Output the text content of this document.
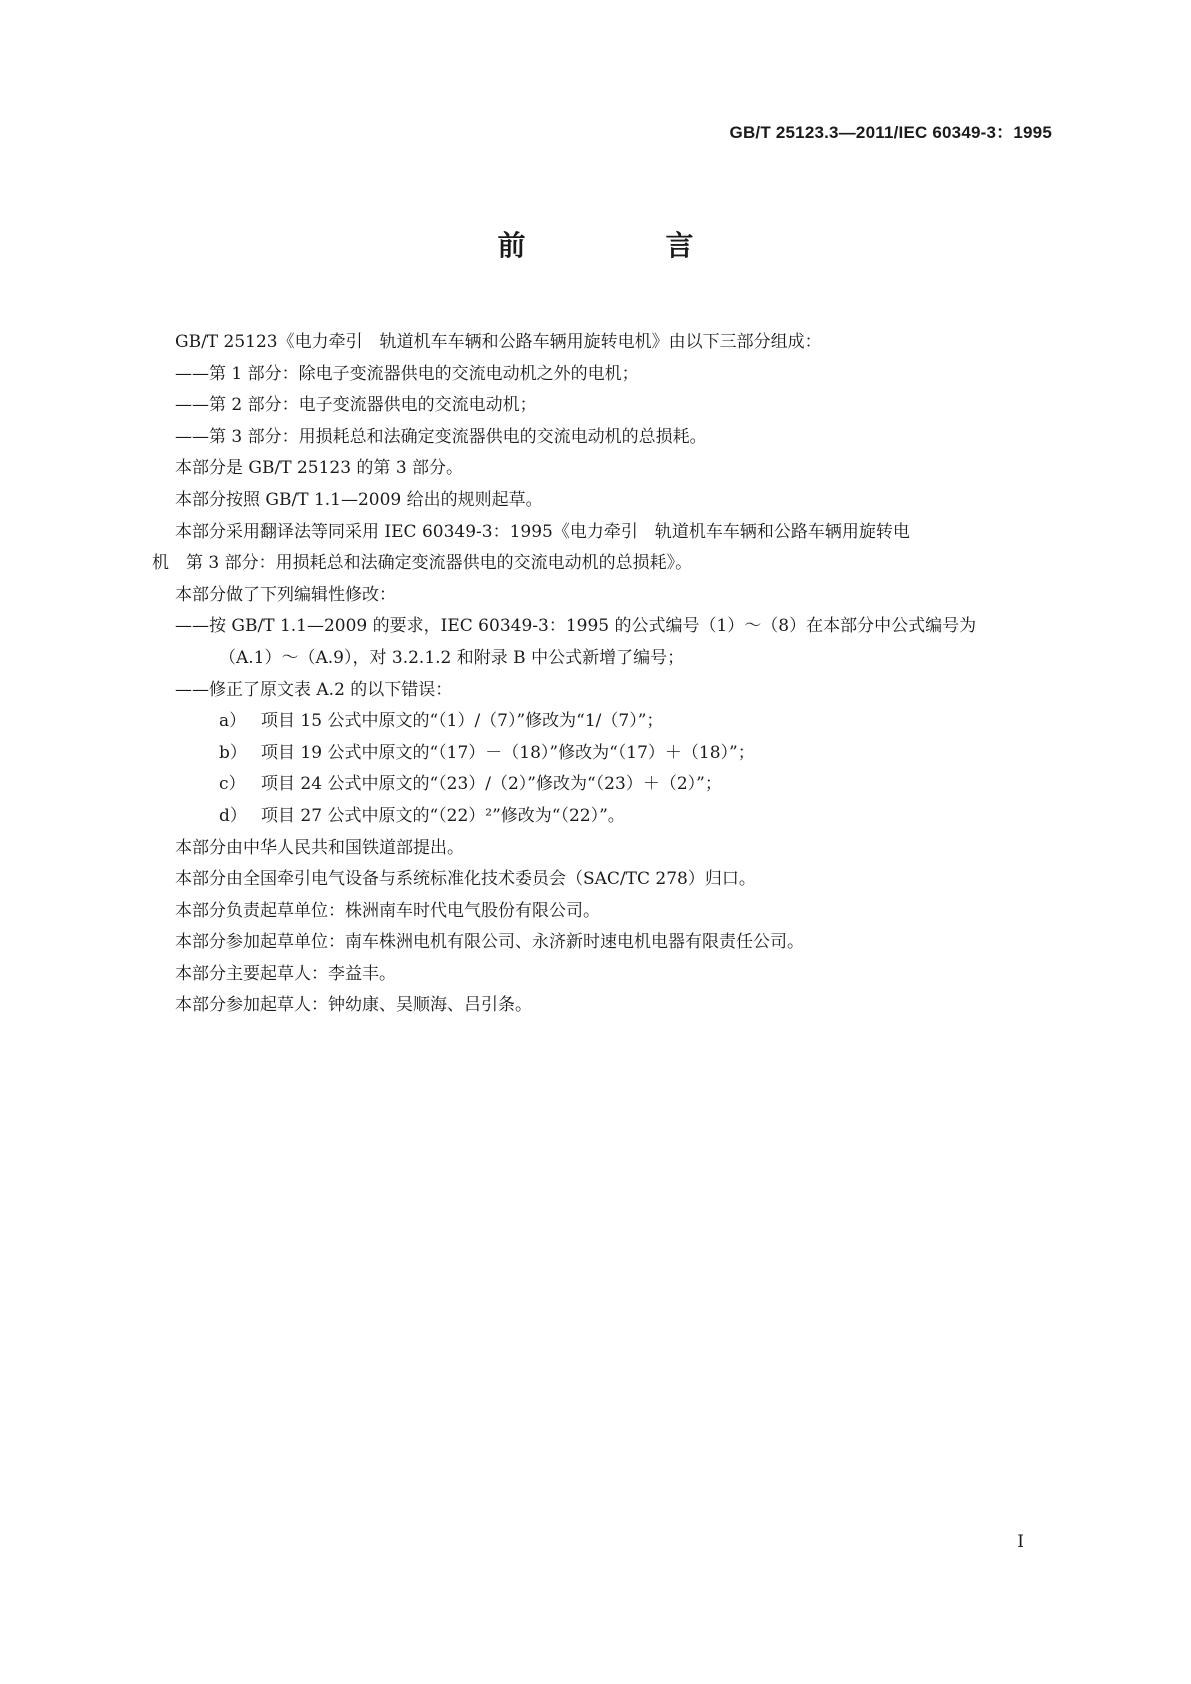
GB/T 25123.3—2011/IEC 60349-3：1995
前　言
GB/T 25123《电力牵引　轨道机车车辆和公路车辆用旋转电机》由以下三部分组成：
——第 1 部分：除电子变流器供电的交流电动机之外的电机；
——第 2 部分：电子变流器供电的交流电动机；
——第 3 部分：用损耗总和法确定变流器供电的交流电动机的总损耗。
本部分是 GB/T 25123 的第 3 部分。
本部分按照 GB/T 1.1—2009 给出的规则起草。
本部分采用翻译法等同采用 IEC 60349-3：1995《电力牵引　轨道机车车辆和公路车辆用旋转电
机　第 3 部分：用损耗总和法确定变流器供电的交流电动机的总损耗》。
本部分做了下列编辑性修改：
——按 GB/T 1.1—2009 的要求，IEC 60349-3：1995 的公式编号（1）～（8）在本部分中公式编号为
（A.1）～（A.9），对 3.2.1.2 和附录 B 中公式新增了编号；
——修正了原文表 A.2 的以下错误：
a） 项目 15 公式中原文的“（1）/（7）”修改为“1/（7）”；
b） 项目 19 公式中原文的“（17）－（18）”修改为“（17）＋（18）”；
c） 项目 24 公式中原文的“（23）/（2）”修改为“（23）＋（2）”；
d） 项目 27 公式中原文的“（22）²”修改为“（22）”。
本部分由中华人民共和国铁道部提出。
本部分由全国牵引电气设备与系统标准化技术委员会（SAC/TC 278）归口。
本部分负责起草单位：株洲南车时代电气股份有限公司。
本部分参加起草单位：南车株洲电机有限公司、永济新时速电机电器有限责任公司。
本部分主要起草人：李益丰。
本部分参加起草人：钟幼康、吴顺海、吕引条。
I
